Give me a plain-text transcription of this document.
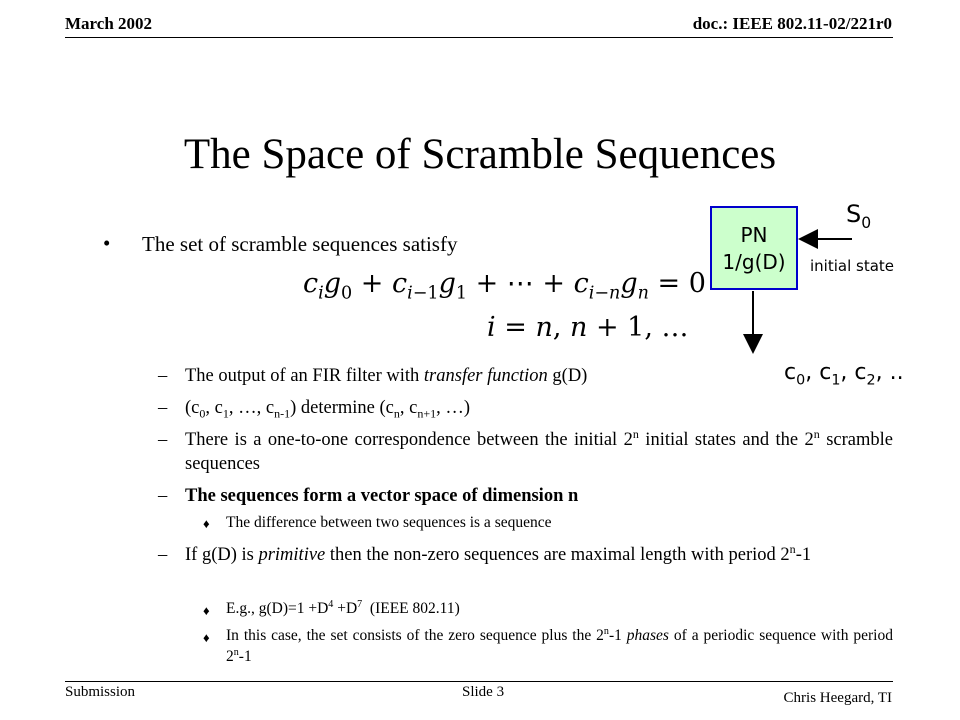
March 2002	doc.: IEEE 802.11-02/221r0
The Space of Scramble Sequences
• The set of scramble sequences satisfy
$c_ig_0 + c_{i-1}g_1$ + ⋯ + $c_{i-n}g_n = 0$
i = n, n + 1, …
– The output of an FIR filter with transfer function g(D)
– ($c_0$, $c_1$, …, $c_{n-1}$) determine ($c_n$, $c_{n+1}$, …)
– There is a one-to-one correspondence between the initial 2$^n$ initial states and the 2$^n$ scramble sequences
– The sequences form a vector space of dimension n
♦ The difference between two sequences is a sequence
– If g(D) is primitive then the non-zero sequences are maximal length with period 2$^n$-1
♦ E.g., $g(D)=1 +D^4 +D^7$  (IEEE 802.11)
♦ In this case, the set consists of the zero sequence plus the 2$^n$-1 phases of a periodic sequence with period 2$^n$-1
PN
1/g(D)
$S_0$
initial state
$c_0$, $c_1$, $c_2$, ..
Submission	Slide 3	Chris Heegard, TI
